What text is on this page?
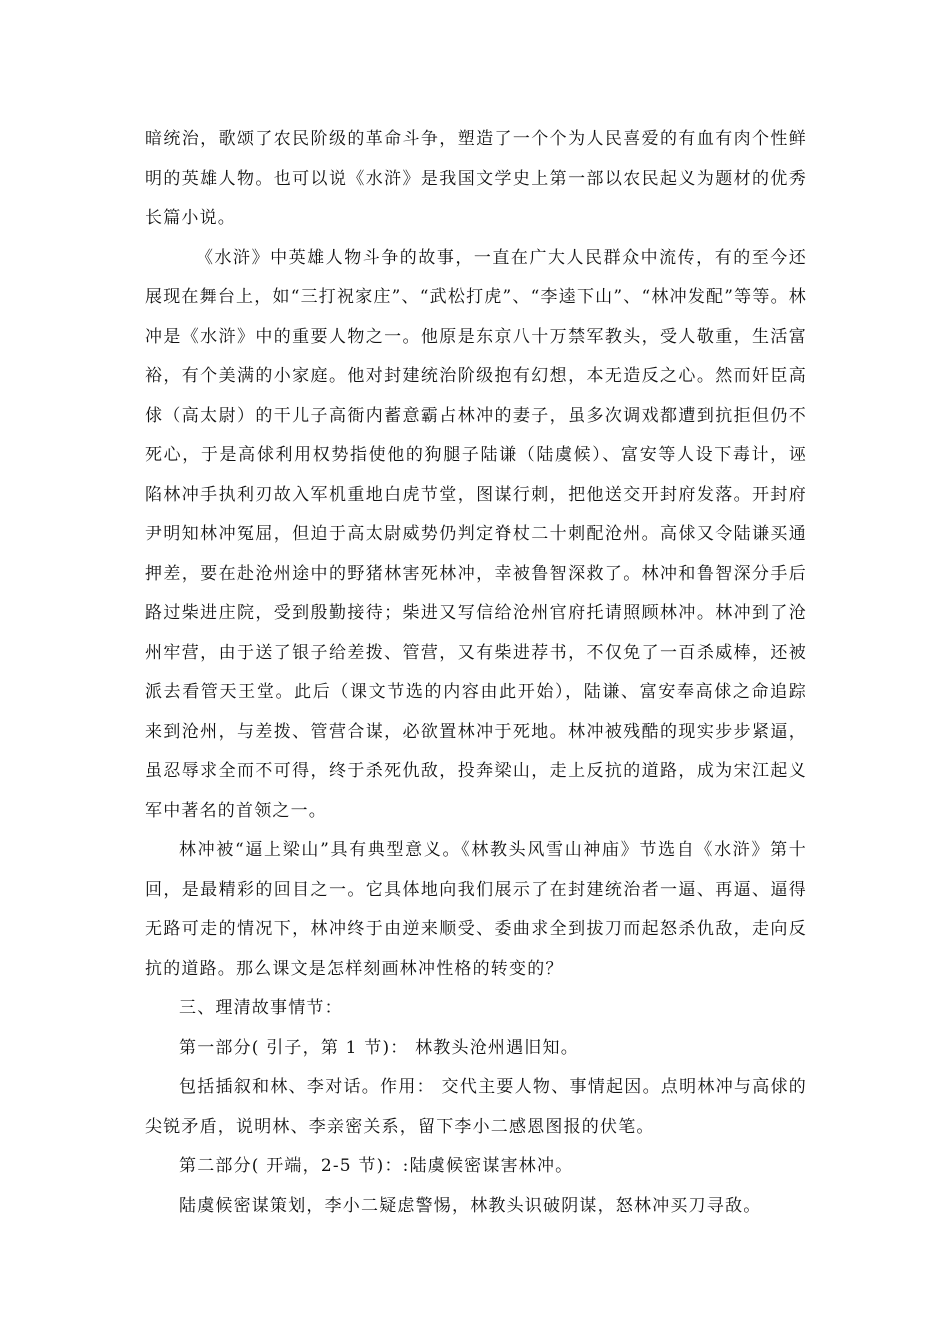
暗统治，歌颂了农民阶级的革命斗争，塑造了一个个为人民喜爱的有血有肉个性鲜明的英雄人物。也可以说《水浒》是我国文学史上第一部以农民起义为题材的优秀长篇小说。

《水浒》中英雄人物斗争的故事，一直在广大人民群众中流传，有的至今还展现在舞台上，如“三打祝家庄”、“武松打虎”、“李逵下山”、“林冲发配”等等。林冲是《水浒》中的重要人物之一。他原是东京八十万禁军教头，受人敬重，生活富裕，有个美满的小家庭。他对封建统治阶级抱有幻想，本无造反之心。然而奸臣高俅（高太尉）的干儿子高衙内蓄意霸占林冲的妻子，虽多次调戏都遭到抗拒但仍不死心，于是高俅利用权势指使他的狗腿子陆谦（陆虞候）、富安等人设下毒计，诬陷林冲手执利刃故入军机重地白虎节堂，图谋行刺，把他送交开封府发落。开封府尹明知林冲冤屈，但迫于高太尉威势仍判定脊杖二十刺配沧州。高俅又令陆谦买通押差，要在赴沧州途中的野猪林害死林冲，幸被鲁智深救了。林冲和鲁智深分手后路过柴进庄院，受到殷勤接待；柴进又写信给沧州官府托请照顾林冲。林冲到了沧州牢营，由于送了银子给差拨、管营，又有柴进荐书，不仅免了一百杀威棒，还被派去看管天王堂。此后（课文节选的内容由此开始），陆谦、富安奉高俅之命追踪来到沧州，与差拨、管营合谋，必欲置林冲于死地。林冲被残酷的现实步步紧逼，虽忍辱求全而不可得，终于杀死仇敌，投奔梁山，走上反抗的道路，成为宋江起义军中著名的首领之一。

林冲被“逼上梁山”具有典型意义。《林教头风雪山神庙》节选自《水浒》第十回，是最精彩的回目之一。它具体地向我们展示了在封建统治者一逼、再逼、逼得无路可走的情况下，林冲终于由逆来顺受、委曲求全到拔刀而起怒杀仇敌，走向反抗的道路。那么课文是怎样刻画林冲性格的转变的？

三、理清故事情节：

第一部分( 引子，第 1 节)： 林教头沧州遇旧知。

包括插叙和林、李对话。作用： 交代主要人物、事情起因。点明林冲与高俅的尖锐矛盾，说明林、李亲密关系，留下李小二感恩图报的伏笔。

第二部分( 开端，2-5 节)：:陆虞候密谋害林冲。

陆虞候密谋策划，李小二疑虑警惕，林教头识破阴谋，怒林冲买刀寻敌。
